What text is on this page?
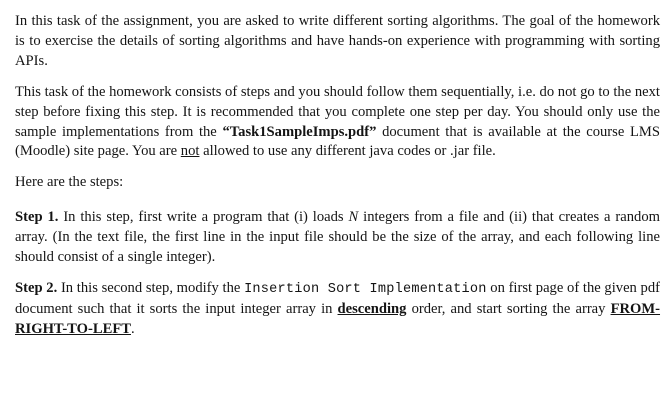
In this task of the assignment, you are asked to write different sorting algorithms. The goal of the homework is to exercise the details of sorting algorithms and have hands-on experience with programming with sorting APIs.

This task of the homework consists of steps and you should follow them sequentially, i.e. do not go to the next step before fixing this step. It is recommended that you complete one step per day. You should only use the sample implementations from the “Task1SampleImps.pdf” document that is available at the course LMS (Moodle) site page. You are not allowed to use any different java codes or .jar file.

Here are the steps:

Step 1. In this step, first write a program that (i) loads N integers from a file and (ii) that creates a random array. (In the text file, the first line in the input file should be the size of the array, and each following line should consist of a single integer).

Step 2. In this second step, modify the Insertion Sort Implementation on first page of the given pdf document such that it sorts the input integer array in descending order, and start sorting the array FROM-RIGHT-TO-LEFT.
